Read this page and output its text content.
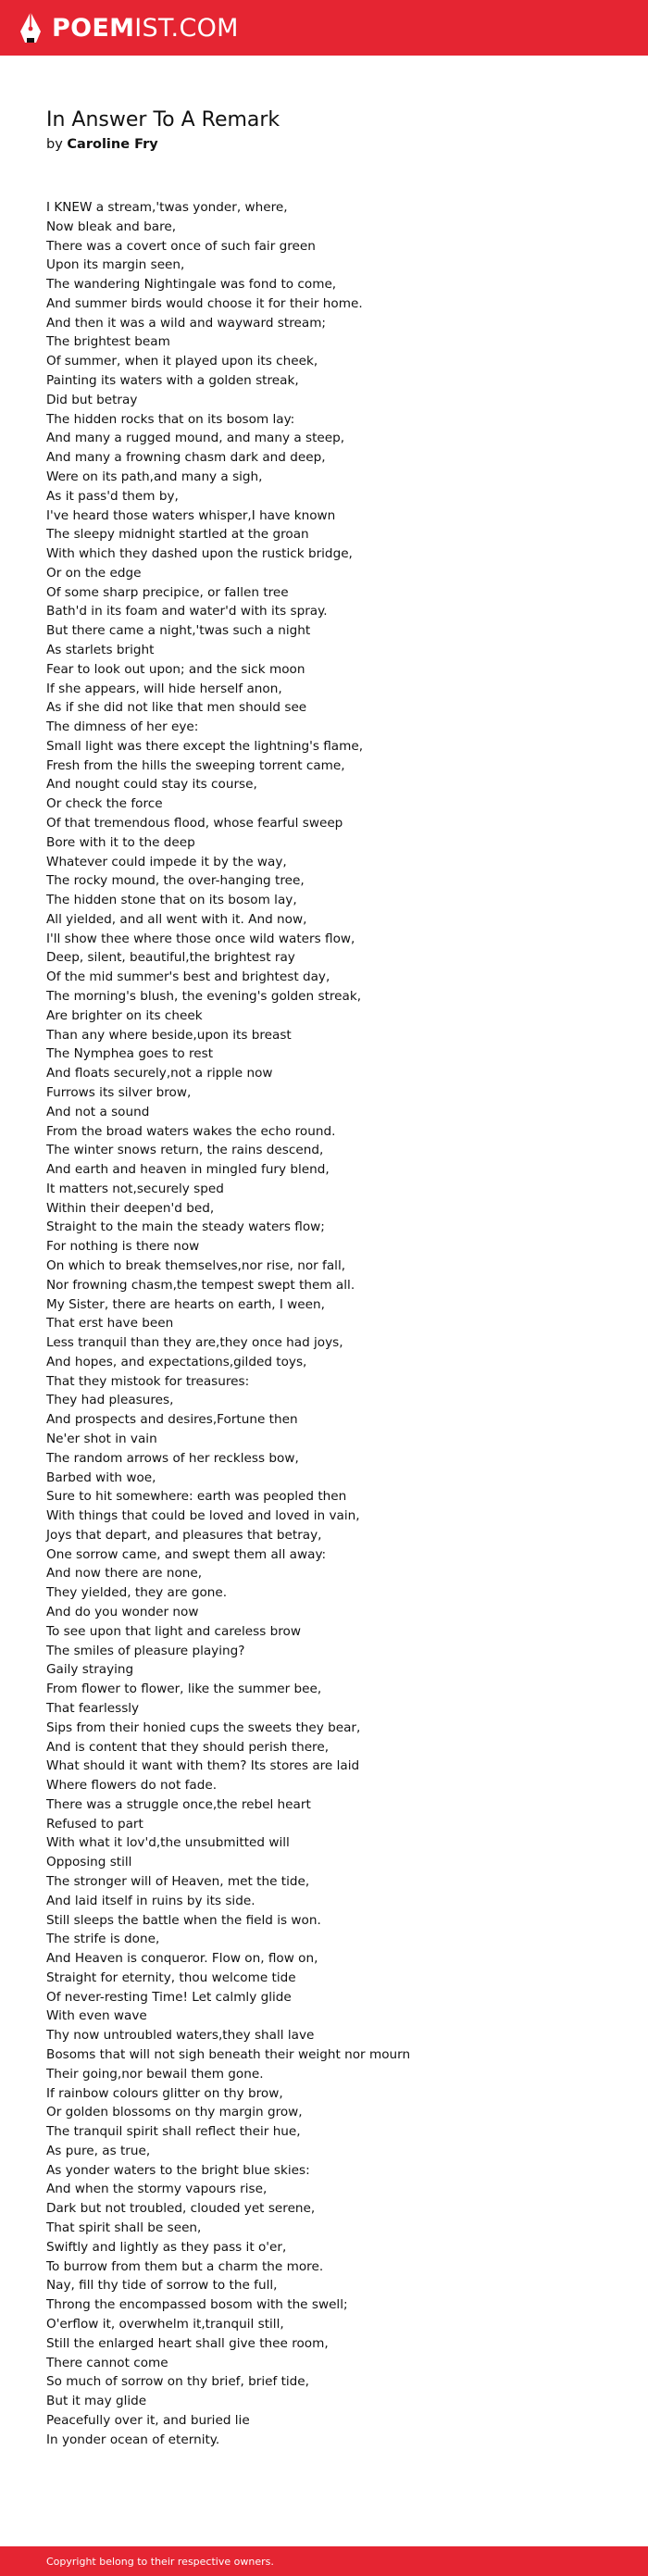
POEMIST.COM
In Answer To A Remark
by Caroline Fry
I KNEW a stream,'twas yonder, where,
Now bleak and bare,
There was a covert once of such fair green
Upon its margin seen,
The wandering Nightingale was fond to come,
And summer birds would choose it for their home.
And then it was a wild and wayward stream;
The brightest beam
Of summer, when it played upon its cheek,
Painting its waters with a golden streak,
Did but betray
The hidden rocks that on its bosom lay:
And many a rugged mound, and many a steep,
And many a frowning chasm dark and deep,
Were on its path,and many a sigh,
As it pass'd them by,
I've heard those waters whisper,I have known
The sleepy midnight startled at the groan
With which they dashed upon the rustick bridge,
Or on the edge
Of some sharp precipice, or fallen tree
Bath'd in its foam and water'd with its spray.
But there came a night,'twas such a night
As starlets bright
Fear to look out upon; and the sick moon
If she appears, will hide herself anon,
As if she did not like that men should see
The dimness of her eye:
Small light was there except the lightning's flame,
Fresh from the hills the sweeping torrent came,
And nought could stay its course,
Or check the force
Of that tremendous flood, whose fearful sweep
Bore with it to the deep
Whatever could impede it by the way,
The rocky mound, the over-hanging tree,
The hidden stone that on its bosom lay,
All yielded, and all went with it. And now,
I'll show thee where those once wild waters flow,
Deep, silent, beautiful,the brightest ray
Of the mid summer's best and brightest day,
The morning's blush, the evening's golden streak,
Are brighter on its cheek
Than any where beside,upon its breast
The Nymphea goes to rest
And floats securely,not a ripple now
Furrows its silver brow,
And not a sound
From the broad waters wakes the echo round.
The winter snows return, the rains descend,
And earth and heaven in mingled fury blend,
It matters not,securely sped
Within their deepen'd bed,
Straight to the main the steady waters flow;
For nothing is there now
On which to break themselves,nor rise, nor fall,
Nor frowning chasm,the tempest swept them all.
My Sister, there are hearts on earth, I ween,
That erst have been
Less tranquil than they are,they once had joys,
And hopes, and expectations,gilded toys,
That they mistook for treasures:
They had pleasures,
And prospects and desires,Fortune then
Ne'er shot in vain
The random arrows of her reckless bow,
Barbed with woe,
Sure to hit somewhere: earth was peopled then
With things that could be loved and loved in vain,
Joys that depart, and pleasures that betray,
One sorrow came, and swept them all away:
And now there are none,
They yielded, they are gone.
And do you wonder now
To see upon that light and careless brow
The smiles of pleasure playing?
Gaily straying
From flower to flower, like the summer bee,
That fearlessly
Sips from their honied cups the sweets they bear,
And is content that they should perish there,
What should it want with them? Its stores are laid
Where flowers do not fade.
There was a struggle once,the rebel heart
Refused to part
With what it lov'd,the unsubmitted will
Opposing still
The stronger will of Heaven, met the tide,
And laid itself in ruins by its side.
Still sleeps the battle when the field is won.
The strife is done,
And Heaven is conqueror. Flow on, flow on,
Straight for eternity, thou welcome tide
Of never-resting Time! Let calmly glide
With even wave
Thy now untroubled waters,they shall lave
Bosoms that will not sigh beneath their weight nor mourn
Their going,nor bewail them gone.
If rainbow colours glitter on thy brow,
Or golden blossoms on thy margin grow,
The tranquil spirit shall reflect their hue,
As pure, as true,
As yonder waters to the bright blue skies:
And when the stormy vapours rise,
Dark but not troubled, clouded yet serene,
That spirit shall be seen,
Swiftly and lightly as they pass it o'er,
To burrow from them but a charm the more.
Nay, fill thy tide of sorrow to the full,
Throng the encompassed bosom with the swell;
O'erflow it, overwhelm it,tranquil still,
Still the enlarged heart shall give thee room,
There cannot come
So much of sorrow on thy brief, brief tide,
But it may glide
Peacefully over it, and buried lie
In yonder ocean of eternity.
Copyright belong to their respective owners.
